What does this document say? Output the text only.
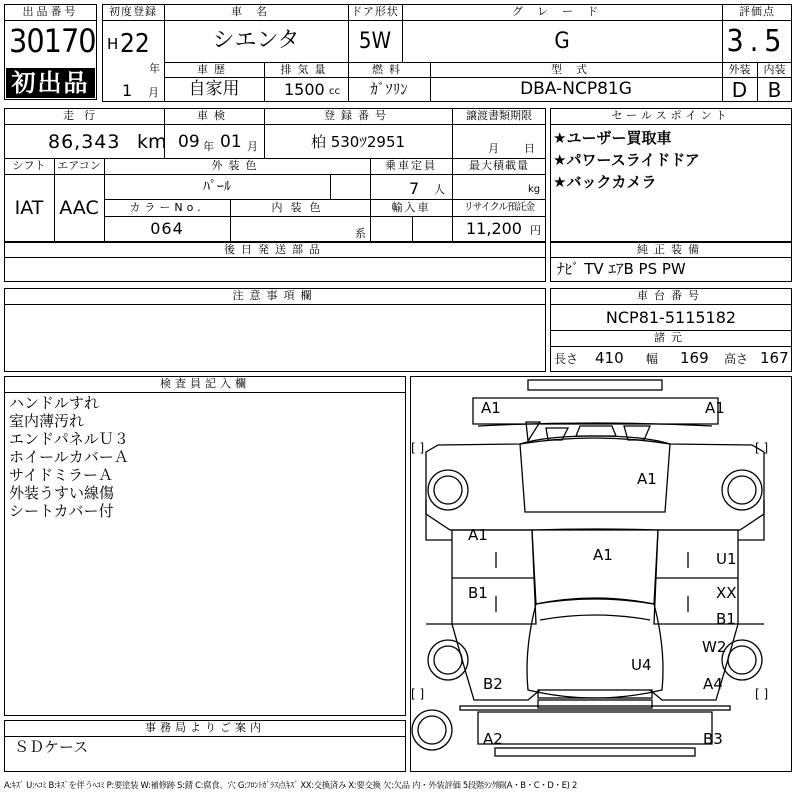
出品番号
30170
初出品
初度登録
H 22
年
1 月
車名
シエンタ
ドア形状
5W
グレード
G
評価点
3.5
外装	内装
D	B
車歴
自家用
排気量
1500 cc
燃料
ｶﾞｿﾘﾝ
型式
DBA-NCP81G
走行
86,343 km
車検
09 年 01 月
登録番号
柏 530ﾂ2951
譲渡書類期限
月 日
シフト
IAT
エアコン
AAC
外装色
ﾊﾟｰﾙ
乗車定員
7 人
最大積載量
kg
カラーNo.
064
内装色
系
輸入車	リサイクル預託金
11,200 円
セールスポイント
★ユーザー買取車
★パワースライドドア
★バックカメラ
後日発送部品	純正装備
ﾅﾋﾞ TV ｴｱB PS PW
注意事項欄	車台番号
NCP81-5115182
諸元
長さ 410 幅 169 高さ 167
検査員記入欄
ハンドルすれ
室内薄汚れ
エンドパネルＵ３
ホイールカバーＡ
サイドミラーＡ
外装うすい線傷
シートカバー付
事務局よりご案内
ＳＤケース
A1	A1
A1
A1
A1	U1
B1	XX
B1
W2
U4
B2	A4
A2	B3
[ ]	[ ]
[ ]	[ ]
A:ｷｽﾞ U:ﾍｺﾐ B:ｷｽﾞを伴うﾍｺﾐ P:要塗装 W:補修跡 S:錆 C:腐食、穴 G:ﾌﾛﾝﾄｶﾞﾗｽ点ｷｽﾞ XX:交換済み X:要交換 欠:欠品 内・外装評価 5段階ﾗﾝｸ順(A・B・C・D・E) 2
